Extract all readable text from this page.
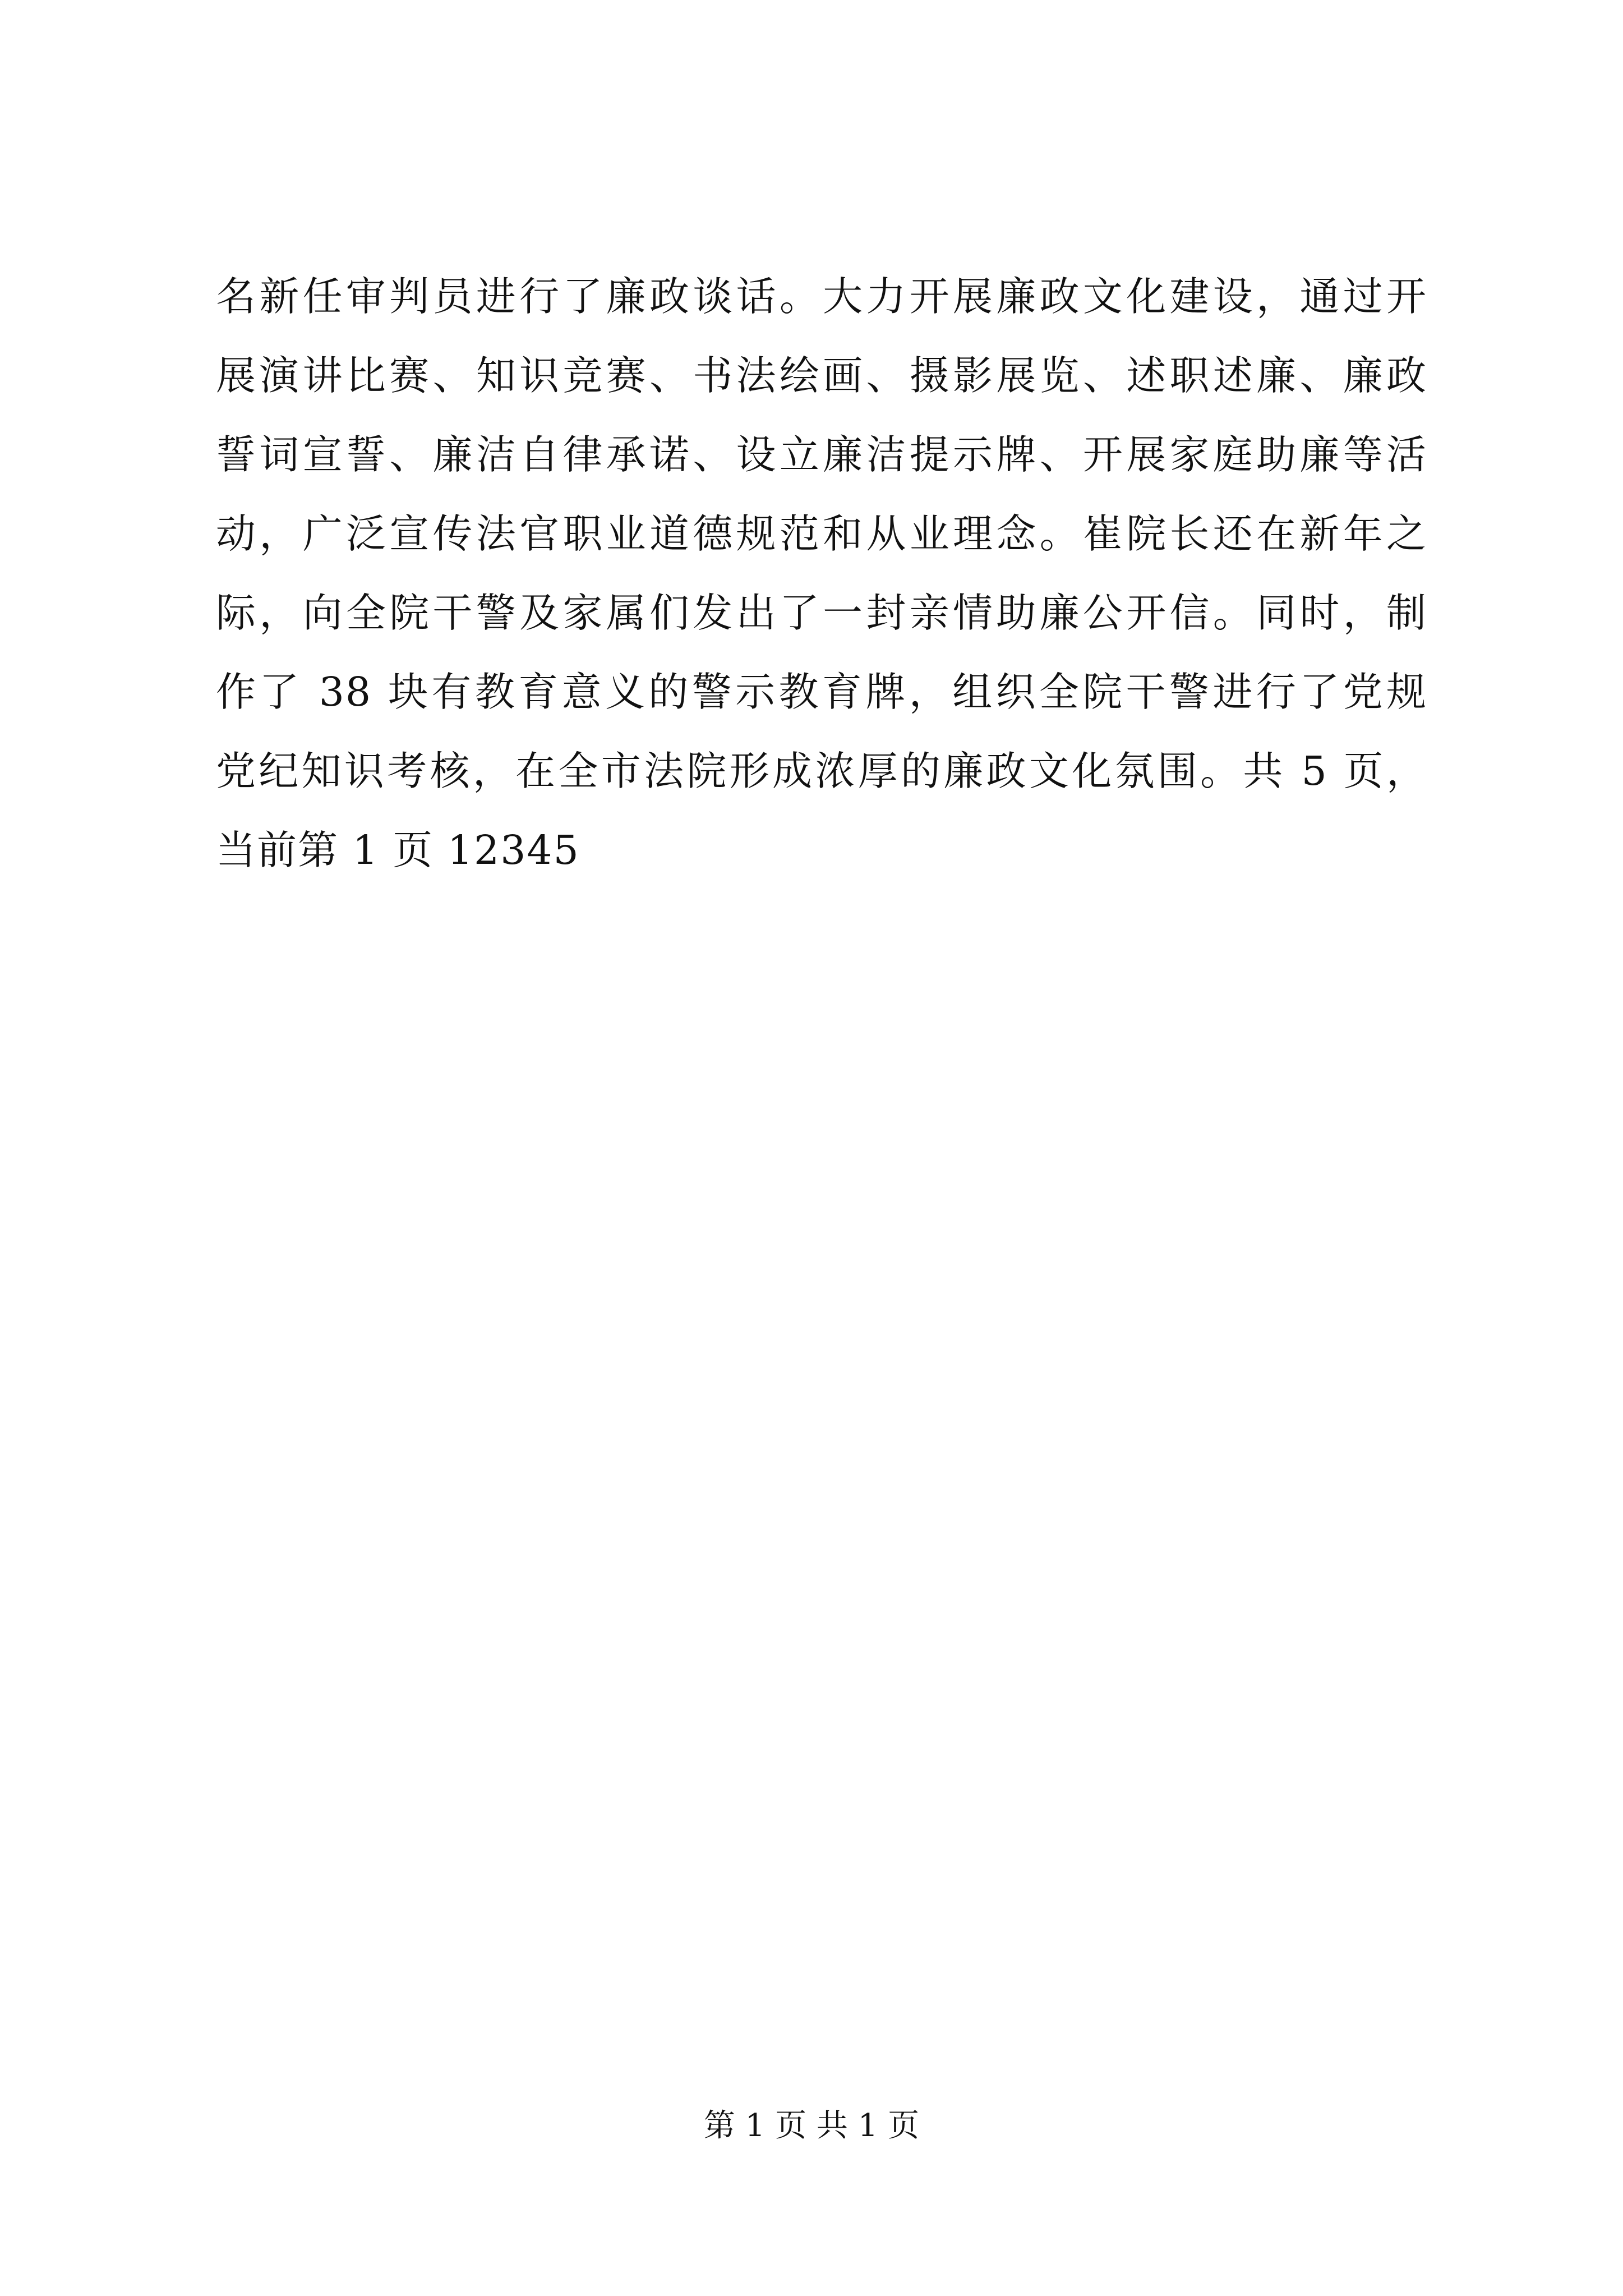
名新任审判员进行了廉政谈话。大力开展廉政文化建设，通过开
展演讲比赛、知识竞赛、书法绘画、摄影展览、述职述廉、廉政
誓词宣誓、廉洁自律承诺、设立廉洁提示牌、开展家庭助廉等活
动，广泛宣传法官职业道德规范和从业理念。崔院长还在新年之
际，向全院干警及家属们发出了一封亲情助廉公开信。同时，制
作了 38 块有教育意义的警示教育牌，组织全院干警进行了党规
党纪知识考核，在全市法院形成浓厚的廉政文化氛围。共 5 页，
当前第 1 页 12345
第 1 页 共 1 页
